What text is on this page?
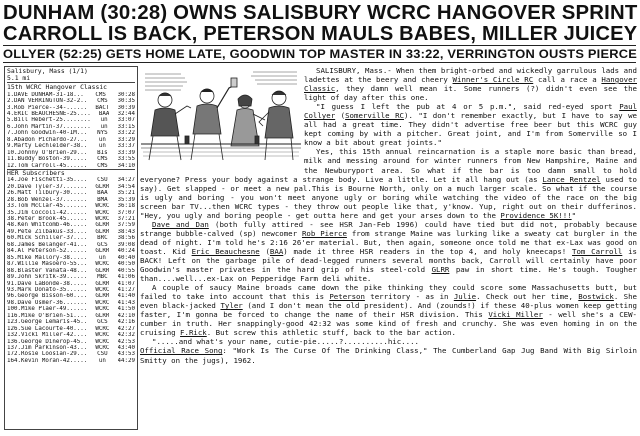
DUNHAM (30:28) OWNS SALISBURY WCRC HANGOVER SPRINT
CARROLL IS BACK, PETERSON MAULS BABES, MILLER JUICEY
OLLYER (52:25) GETS HOME LATE, GOODWIN TOP MASTER IN 33:22, VERRINGTON OUSTS PIERCE
Salisbury, Mass (1/1)
5.1 mi
15th WCRC Hangover Classic
1.DAVE DUNHAM-31-18... CMS 30:28
2.DAN VERRINGTON-32-2.. CMS 30:35
3.Rob Pierce--34-...... BACT 30:39
4.ERIC BEAUCHESNE-25.... BAA 32:44
5.Bill Hebert-25........ un 33:07
6.John Martin-37........ un 33:15
7.John Goodwin-40-IM... NYS 33:22
8.Abadon Pichardo-27... un 33:29
9.Marty Lechleider-38.. un 33:37
10.Johnny O'Brien-29... BIs 33:39
11.Buddy Boston-39..... CMS 33:55
12.Tom Carroll-45...... CMS 34:10
HER Subscribers
14.Joe Fischetti-35.... CSU 34:27
20.Dave Tyler-37....... GLRR 34:54
26.Matt Tilbury-30..... BAA 35:21
28.Bob Wenzel-37....... BMA 35:39
33.Tom McClar-45....... WCRC 36:18
35.Jim Coccoli-42...... WCRC 37:07
38.Peter Brook-45...... WCRC 37:21
48.Ken Whitcomb-46..... GLRR 37:59
49.Pete Zilbakus-33.... GLRR 38:43
60.Mick Schiller-37.... BRC 38:56
68.James Belanger-41... GCS 39:08
84.Al Peterson-52...... GLRR 40:24
85.Mike Mallory-38..... un 40:40
87.Willie Masoero-55... WCRC 40:50
88.Blaster Vanata-48... GLRR 40:55
89.John Skritk-39...... MBC 41:06
91.Dave LaBonde-38..... GLRR 41:07
93.Mark Donato-35...... WCRC 41:27
96.George Bisson-60.... GLRR 41:40
98.Dave Osmer-36....... WCRC 41:43
100.Mike Plaer-49...... WCRC 41:50
116.Mike O'Brien-51.... GLRR 42:10
123.George Lemaris-45.. GCS 42:16
126.Sue Lacourte-40.... WCRC 42:27
132.Vicki Miller-42.... WCRC 42:32
136.George Dinerop-45.. WCRC 42:53
137.Jim Parkinson-43... WCRC 43:40
172.Rosie Loosian-29... CSU 43:53
164.Kevin Moran-42..... un 44:29

SALISBURY, Mass.- When them bright-orbed and wickedly garrulous lads and ladettes at the beery and cheery Winner's Circle RC call a race a Hangover Classic, they damn well mean it. Some runners (?) didn't even see the light of day after this one.

"I guess I left the pub at 4 or 5 p.m.", said red-eyed sport Paul Collyer (Somerville RC). "I don't remember exactly, but I have to say we all had a great time. They didn't advertise free beer but this WCRC guy kept coming by with a pitcher. Great joint, and I'm from Somerville so I know a bit about great joints."

Yes, this 15th annual reincarnation is a staple more basic than bread, milk and messing around for winter runners from New Hampshire, Maine and the Newburyport area. So what if the bar is too damn small to hold everyone? Press your body against a strange body. Live a little. Let it all hang out (as Lance Rentzel used to say). Get slapped - or meet a new pal.This is Bourne North, only on a much larger scale. So what if the course is ugly and boring - you won't meet anyone ugly or boring while watching the video of the race on the big screen bar TV...then WCRC types - they throw out people like that, y'know. Yup, right out on their dufferinos. "Hey, you ugly and boring people - get outta here and get your arses down to the Providence 5K!!!"

Dave and Dan (both fully attired - see HSR Jan-Feb 1996) could have tied but did not, probably because strange bubble-calved (sp) newcomer Rob Pierce from strange Maine was lurking like a sweaty cat burgler in the dead of night. I'm told he's 2:16 26'er material. But, then again, someone once told me that ex-Lax was good on toast. Kid Eric Beauchesne (BAA) made it three HSR readers in the top 4, and holy kneecaps! Tom Carroll is BACK! Left on the garbage pile of dead-legged runners several months back, Carroll will certainly have poor Goodwin's master privates in the hard grip of his steel-cold GLRR paw in short time. He's tough. Tougher than....well...ex-Lax on Pepperidge Farm deli white.

A couple of saucy Maine broads came down the pike thinking they could score some Massachusetts butt, but failed to take into account that this is Peterson territory - as in Julie. Check out her time, Bostwick. She even black-jacked Tyler (and I don't mean the old president). And (zounds!) if these 40-plus women keep getting faster, I'm gonna be forced to change the name of their HSR division. This Vicki Miller - well she's a CEW-cumber in truth. Her snappingly-good 42:32 was some kind of fresh and crunchy. She was even homing in on the cruising F.Rick. But screw this athletic stuff, back to the bar action.

".....and what's your name, cutie-pie.....?..........hic....

Official Race Song: "Work Is The Curse Of The Drinking Class," The Cumberland Gap Jug Band With Big Sirloin Smitty on the jugs), 1962.
